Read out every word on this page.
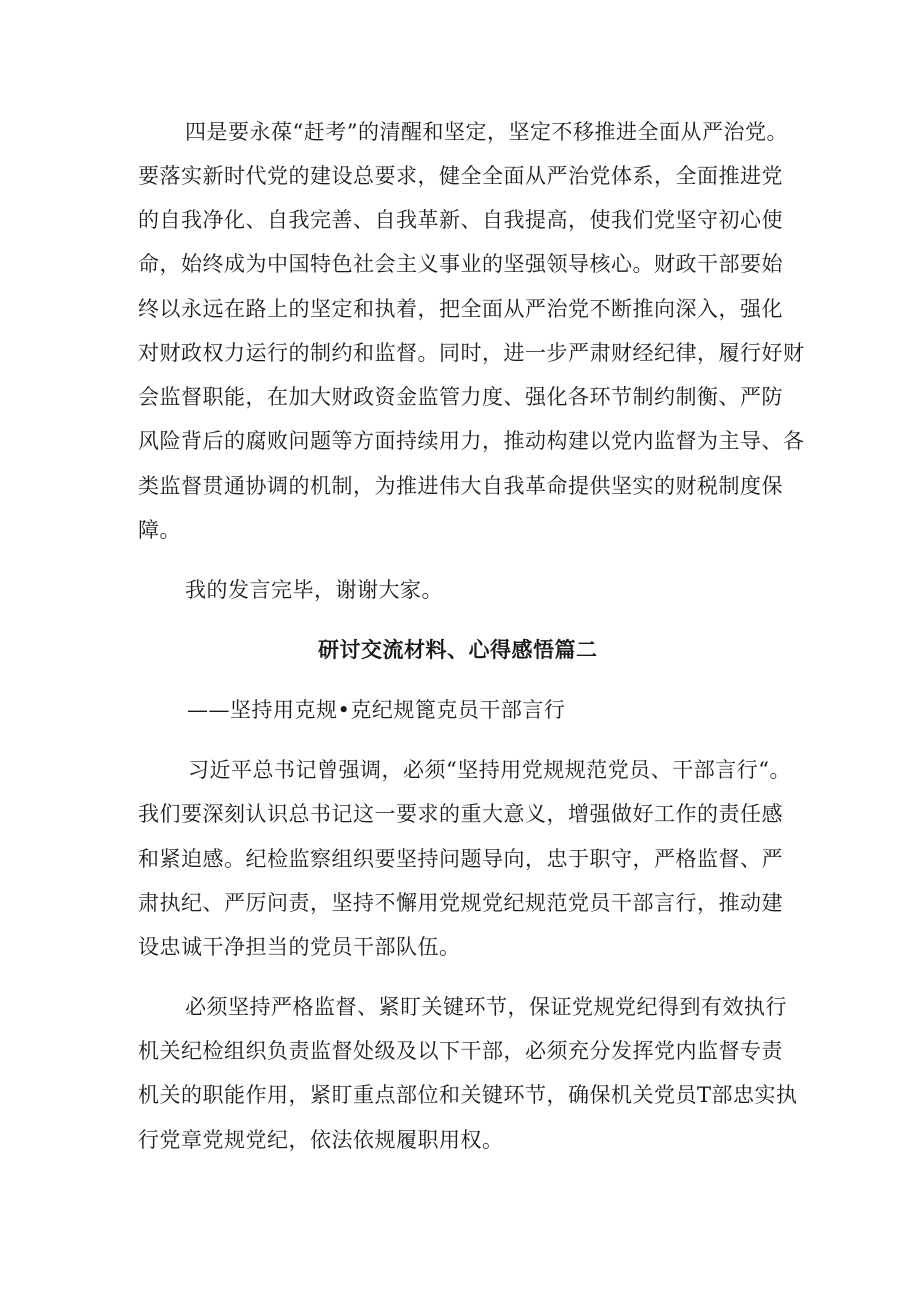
四是要永葆“赶考”的清醒和坚定，坚定不移推进全面从严治党。
要落实新时代党的建设总要求，健全全面从严治党体系，全面推进党
的自我净化、自我完善、自我革新、自我提高，使我们党坚守初心使
命，始终成为中国特色社会主义事业的坚强领导核心。财政干部要始
终以永远在路上的坚定和执着，把全面从严治党不断推向深入，强化
对财政权力运行的制约和监督。同时，进一步严肃财经纪律，履行好财
会监督职能，在加大财政资金监管力度、强化各环节制约制衡、严防
风险背后的腐败问题等方面持续用力，推动构建以党内监督为主导、各
类监督贯通协调的机制，为推进伟大自我革命提供坚实的财税制度保
障。
我的发言完毕，谢谢大家。
研讨交流材料、心得感悟篇二
——坚持用克规•克纪规篦克员干部言行
习近平总书记曾强调，必须“坚持用党规规范党员、干部言行“。
我们要深刻认识总书记这一要求的重大意义，增强做好工作的责任感
和紧迫感。纪检监察组织要坚持问题导向，忠于职守，严格监督、严
肃执纪、严厉问责，坚持不懈用党规党纪规范党员干部言行，推动建
设忠诚干净担当的党员干部队伍。
必须坚持严格监督、紧盯关键环节，保证党规党纪得到有效执行
机关纪检组织负责监督处级及以下干部，必须充分发挥党内监督专责
机关的职能作用，紧盯重点部位和关键环节，确保机关党员T部忠实执
行党章党规党纪，依法依规履职用权。
